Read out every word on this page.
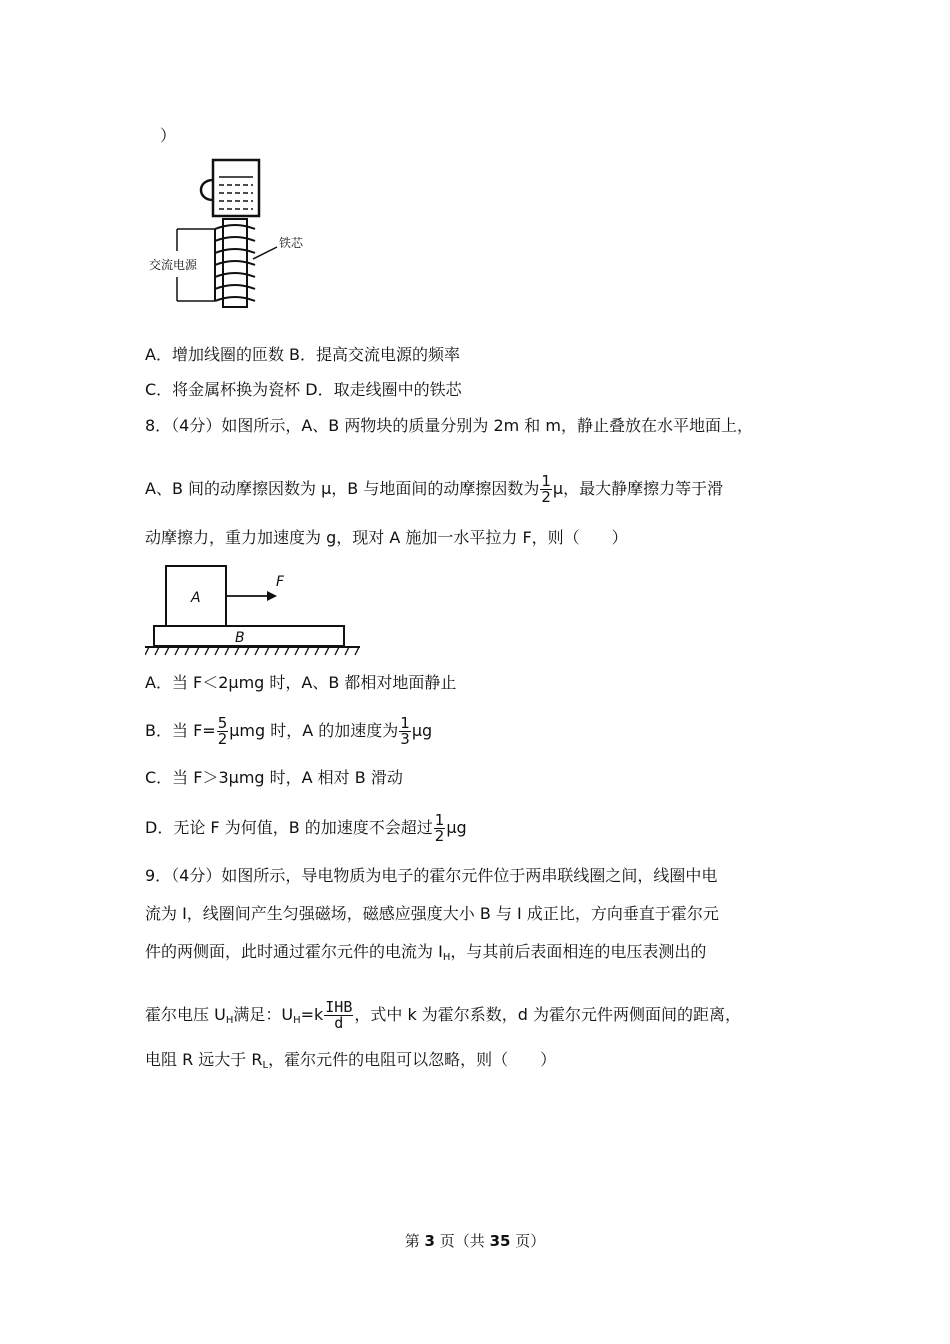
）
铁芯
交流电源
A．增加线圈的匝数 B．提高交流电源的频率
C．将金属杯换为瓷杯 D．取走线圈中的铁芯
8．（4分）如图所示，A、B 两物块的质量分别为 2m 和 m，静止叠放在水平地面上，
A、B 间的动摩擦因数为 μ，B 与地面间的动摩擦因数为 $\frac{1}{2}$ μ，最大静摩擦力等于滑
动摩擦力，重力加速度为 g，现对 A 施加一水平拉力 F，则（　　）
A
B
F
A．当 F＜2μmg 时，A、B 都相对地面静止
B．当 $F= \frac{5}{2}$ μmg 时，A 的加速度为 $\frac{1}{3}$ μg
C．当 F＞3μmg 时，A 相对 B 滑动
D．无论 F 为何值，B 的加速度不会超过 $\frac{1}{2}$ μg
9．（4分）如图所示，导电物质为电子的霍尔元件位于两串联线圈之间，线圈中电
流为 I，线圈间产生匀强磁场，磁感应强度大小 B 与 I 成正比，方向垂直于霍尔元
件的两侧面，此时通过霍尔元件的电流为 $I_H$，与其前后表面相连的电压表测出的
霍尔电压 $U_H$满足：$U_H=k \frac{\text{IHB}}{d}$ ，式中 k 为霍尔系数，d 为霍尔元件两侧面间的距离，
电阻 R 远大于 $R_L$，霍尔元件的电阻可以忽略，则（　　）
第 3 页（共 35 页）
